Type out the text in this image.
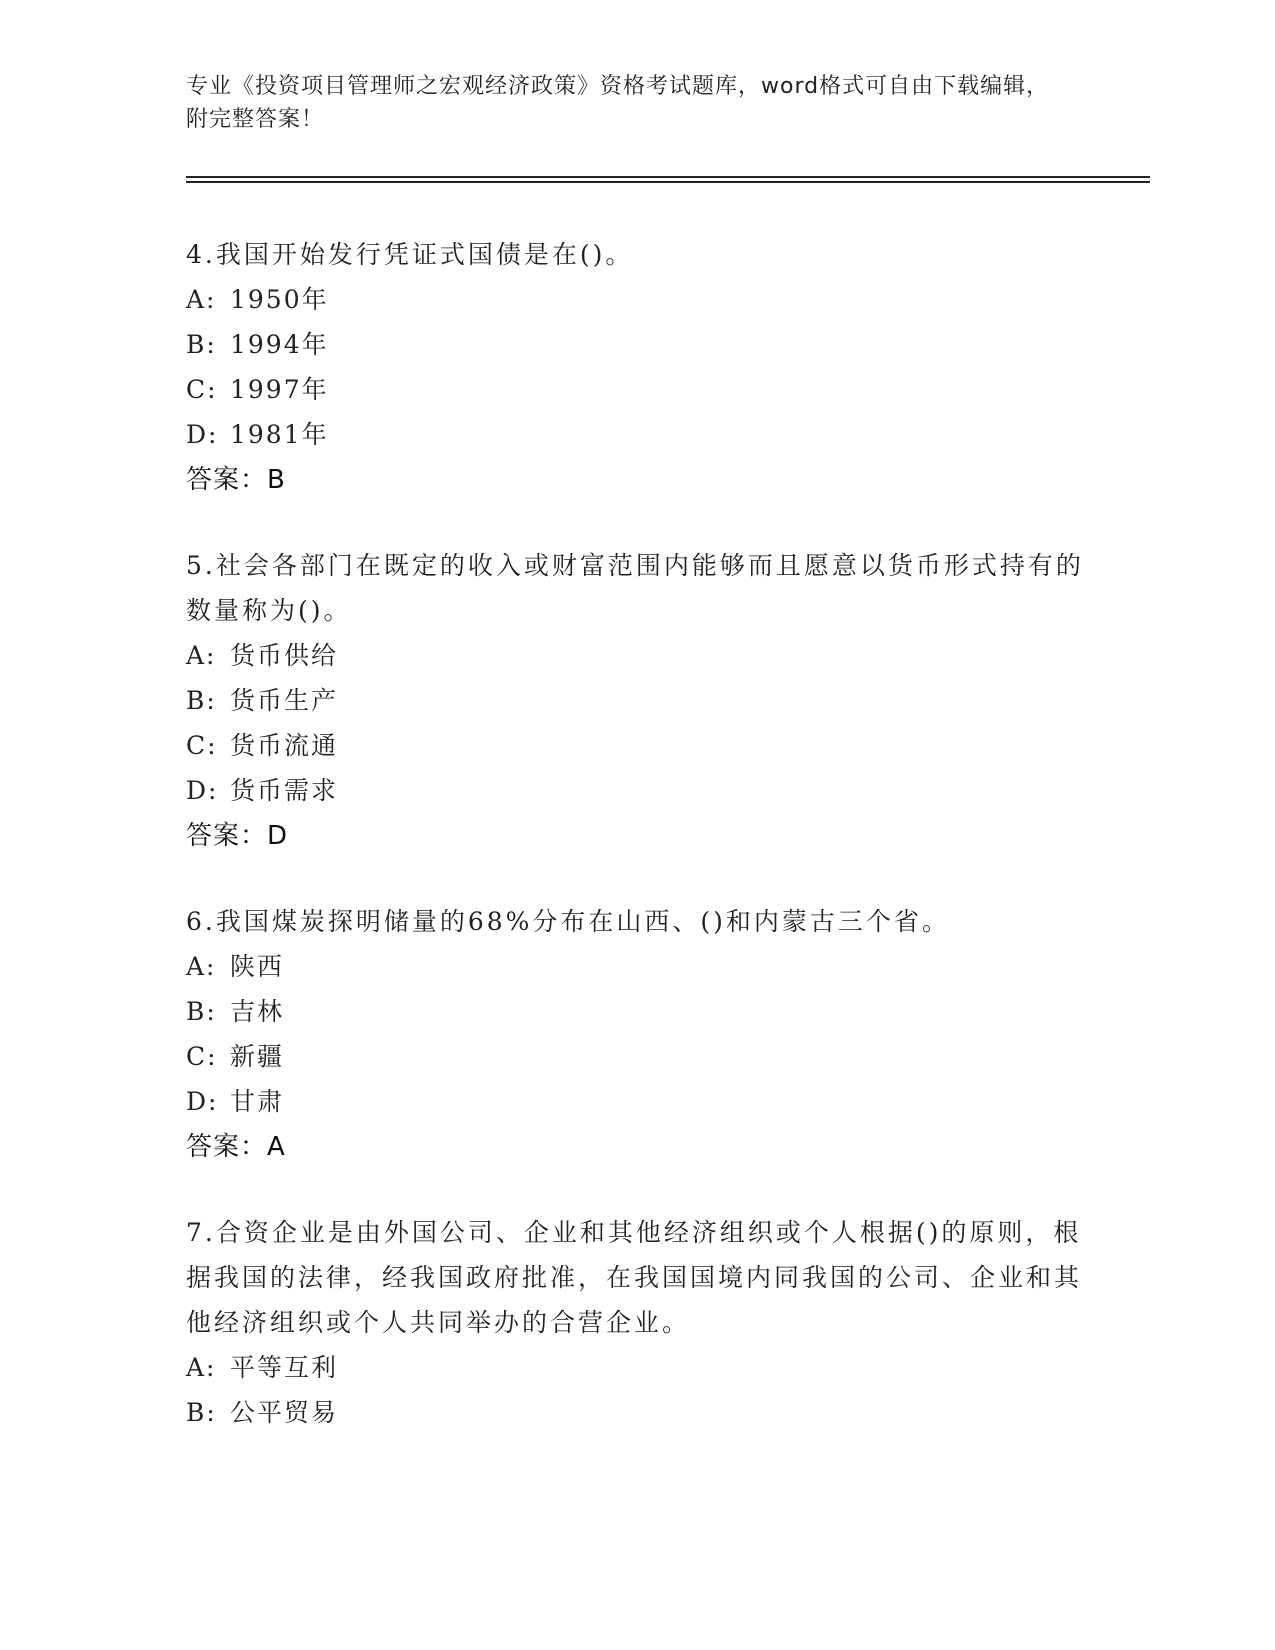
专业《投资项目管理师之宏观经济政策》资格考试题库，word格式可自由下载编辑，附完整答案！

4.我国开始发行凭证式国债是在()。

A: 1950年

B: 1994年

C: 1997年

D: 1981年

答案：B

5.社会各部门在既定的收入或财富范围内能够而且愿意以货币形式持有的数量称为()。

A: 货币供给

B: 货币生产

C: 货币流通

D: 货币需求

答案：D

6.我国煤炭探明储量的68%分布在山西、()和内蒙古三个省。

A: 陕西

B: 吉林

C: 新疆

D: 甘肃

答案：A

7.合资企业是由外国公司、企业和其他经济组织或个人根据()的原则，根据我国的法律，经我国政府批准，在我国国境内同我国的公司、企业和其他经济组织或个人共同举办的合营企业。

A: 平等互利

B: 公平贸易
